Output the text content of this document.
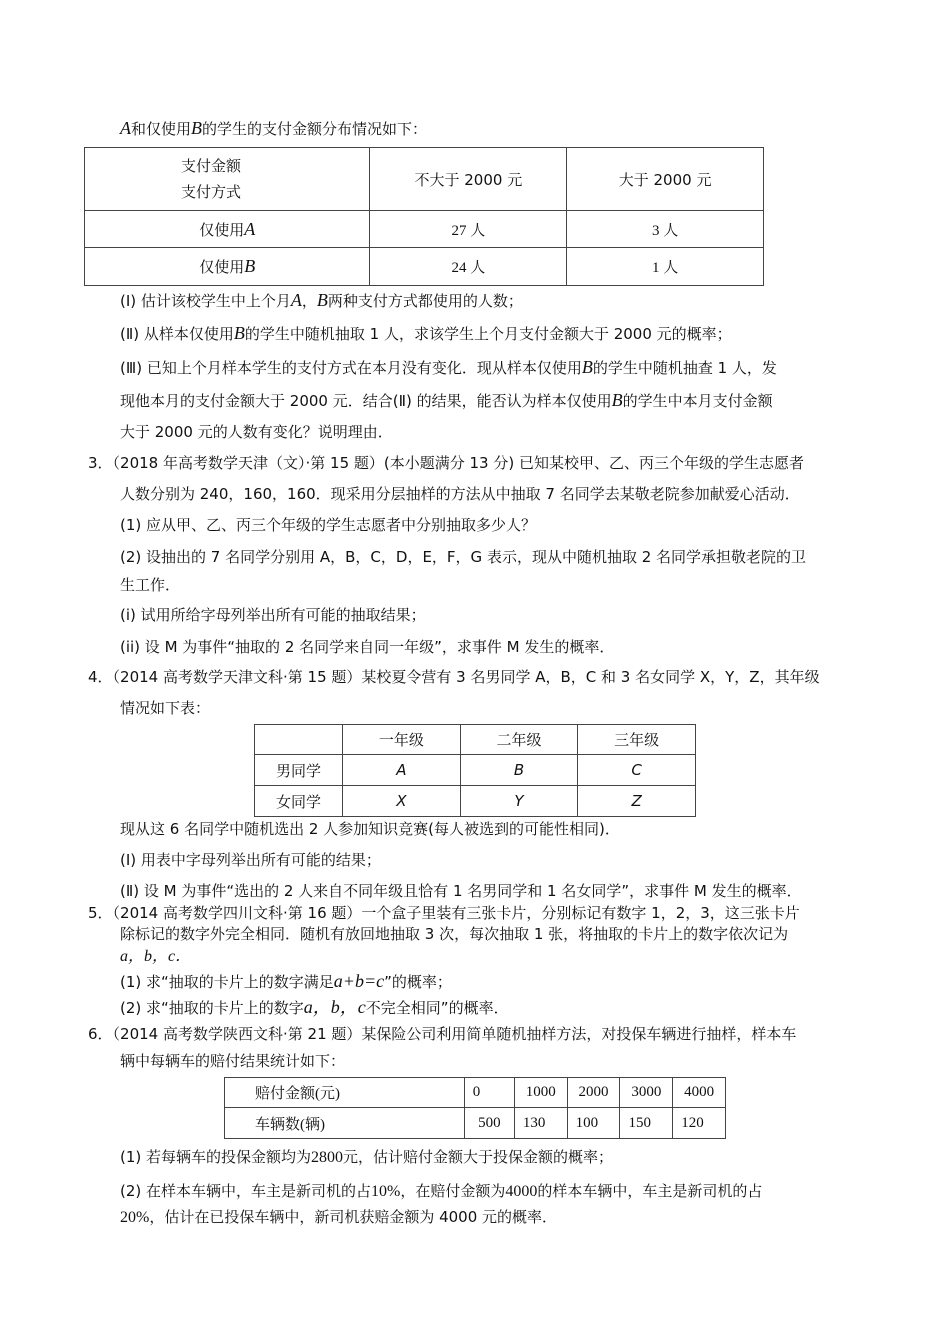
A和仅使用B的学生的支付金额分布情况如下：
支付金额
支付方式	不大于 2000 元	大于 2000 元
仅使用A	27 人	3 人
仅使用B	24 人	1 人
(Ⅰ) 估计该校学生中上个月A，B两种支付方式都使用的人数；
(Ⅱ) 从样本仅使用B的学生中随机抽取 1 人，求该学生上个月支付金额大于 2000 元的概率；
(Ⅲ) 已知上个月样本学生的支付方式在本月没有变化．现从样本仅使用B的学生中随机抽查 1 人，发
现他本月的支付金额大于 2000 元．结合(Ⅱ) 的结果，能否认为样本仅使用B的学生中本月支付金额
大于 2000 元的人数有变化？说明理由．
3．（2018 年高考数学天津（文）·第 15 题）(本小题满分 13 分) 已知某校甲、乙、丙三个年级的学生志愿者
人数分别为 240，160，160．现采用分层抽样的方法从中抽取 7 名同学去某敬老院参加献爱心活动．
(1) 应从甲、乙、丙三个年级的学生志愿者中分别抽取多少人？
(2) 设抽出的 7 名同学分别用 A，B，C，D，E，F，G 表示，现从中随机抽取 2 名同学承担敬老院的卫
生工作．
(i) 试用所给字母列举出所有可能的抽取结果；
(ii) 设 M 为事件“抽取的 2 名同学来自同一年级”，求事件 M 发生的概率．
4．（2014 高考数学天津文科·第 15 题）某校夏令营有 3 名男同学 A，B，C 和 3 名女同学 X，Y，Z，其年级
情况如下表：
	一年级	二年级	三年级
男同学	A	B	C
女同学	X	Y	Z
现从这 6 名同学中随机选出 2 人参加知识竞赛(每人被选到的可能性相同)．
(Ⅰ) 用表中字母列举出所有可能的结果；
(Ⅱ) 设 M 为事件“选出的 2 人来自不同年级且恰有 1 名男同学和 1 名女同学”，求事件 M 发生的概率．
5．（2014 高考数学四川文科·第 16 题）一个盒子里装有三张卡片，分别标记有数字 1，2，3，这三张卡片
除标记的数字外完全相同．随机有放回地抽取 3 次，每次抽取 1 张，将抽取的卡片上的数字依次记为
a，b，c．
(1) 求“抽取的卡片上的数字满足a+b=c”的概率；
(2) 求“抽取的卡片上的数字a，b，c不完全相同”的概率．
6．（2014 高考数学陕西文科·第 21 题）某保险公司利用简单随机抽样方法，对投保车辆进行抽样，样本车
辆中每辆车的赔付结果统计如下：
赔付金额(元)	0	1000	2000	3000	4000
车辆数(辆)	500	130	100	150	120
(1) 若每辆车的投保金额均为2800元，估计赔付金额大于投保金额的概率；
(2) 在样本车辆中，车主是新司机的占10%，在赔付金额为4000的样本车辆中，车主是新司机的占
20%，估计在已投保车辆中，新司机获赔金额为 4000 元的概率．
